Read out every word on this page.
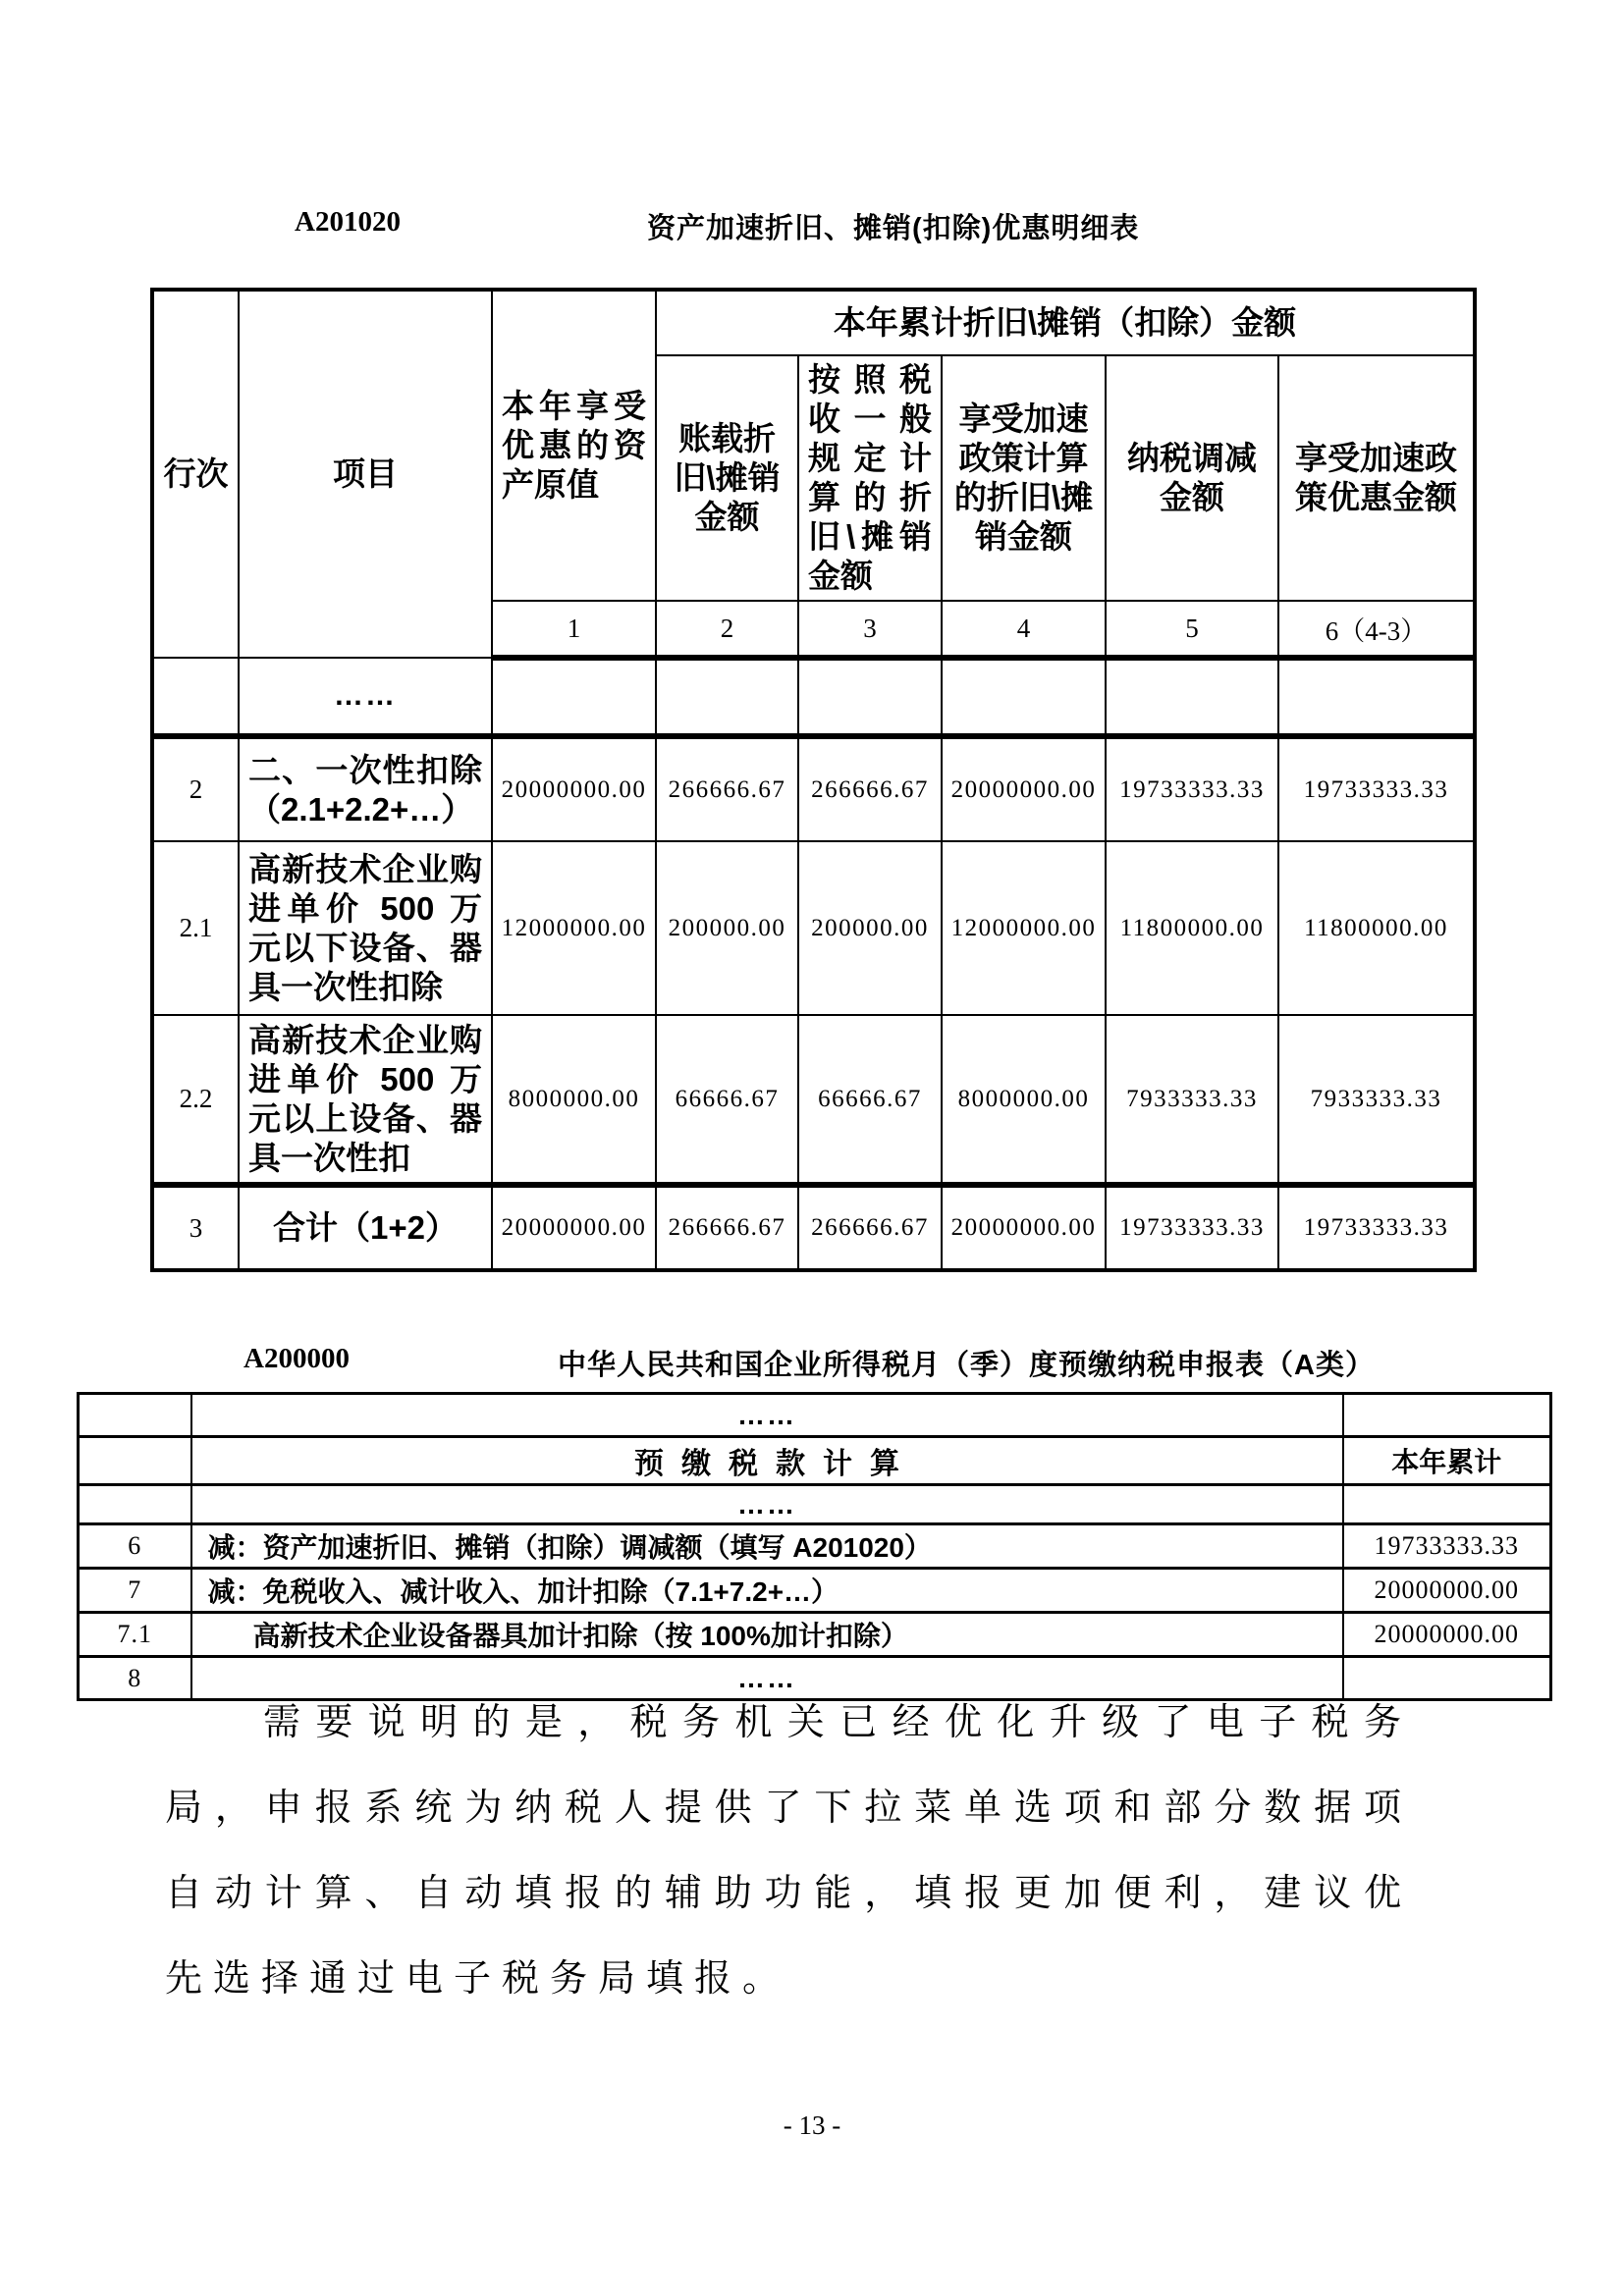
A201020	资产加速折旧、摊销(扣除)优惠明细表
行次	项目	本年享受优惠的资产原值	本年累计折旧\摊销（扣除）金额				
			账载折旧\摊销金额	按照税收一般规定计算的折旧\摊销金额	享受加速政策计算的折旧\摊销金额	纳税调减金额	享受加速政策优惠金额
		1	2	3	4	5	6（4-3）
	……						
2	二、一次性扣除（2.1+2.2+…）	20000000.00	266666.67	266666.67	20000000.00	19733333.33	19733333.33
2.1	高新技术企业购进单价 500 万元以下设备、器具一次性扣除	12000000.00	200000.00	200000.00	12000000.00	11800000.00	11800000.00
2.2	高新技术企业购进单价 500 万元以上设备、器具一次性扣	8000000.00	66666.67	66666.67	8000000.00	7933333.33	7933333.33
3	合计（1+2）	20000000.00	266666.67	266666.67	20000000.00	19733333.33	19733333.33
A200000	中华人民共和国企业所得税月（季）度预缴纳税申报表（A类）
	……	
	预缴税款计算	本年累计
	……	
6	减：资产加速折旧、摊销（扣除）调减额（填写 A201020）	19733333.33
7	减：免税收入、减计收入、加计扣除（7.1+7.2+…）	20000000.00
7.1	高新技术企业设备器具加计扣除（按 100%加计扣除）	20000000.00
8	……	

需要说明的是，税务机关已经优化升级了电子税务局，申报系统为纳税人提供了下拉菜单选项和部分数据项自动计算、自动填报的辅助功能，填报更加便利，建议优先选择通过电子税务局填报。

- 13 -
